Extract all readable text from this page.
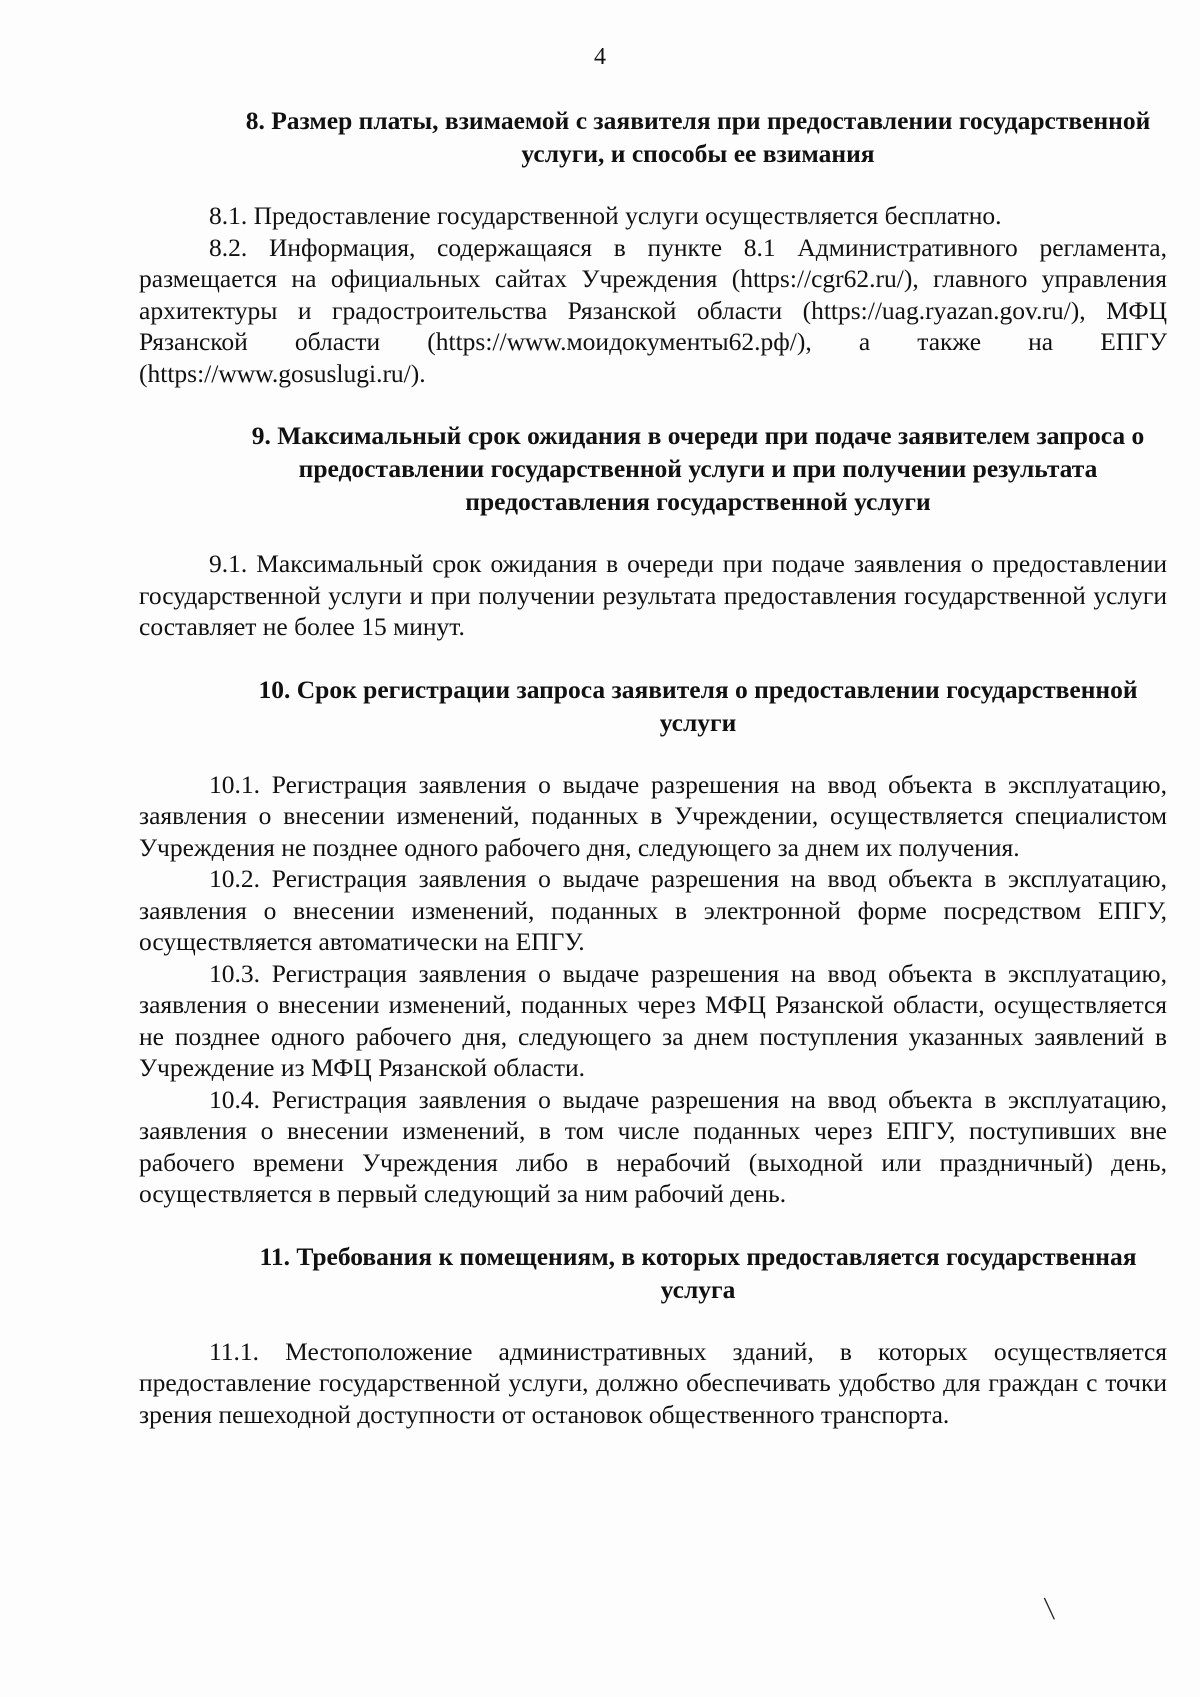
4

8. Размер платы, взимаемой с заявителя при предоставлении государственной услуги, и способы ее взимания

8.1. Предоставление государственной услуги осуществляется бесплатно.

8.2. Информация, содержащаяся в пункте 8.1 Административного регламента, размещается на официальных сайтах Учреждения (https://cgr62.ru/), главного управления архитектуры и градостроительства Рязанской области (https://uag.ryazan.gov.ru/), МФЦ Рязанской области (https://www.моидокументы62.рф/), а также на ЕПГУ (https://www.gosuslugi.ru/).

9. Максимальный срок ожидания в очереди при подаче заявителем запроса о предоставлении государственной услуги и при получении результата предоставления государственной услуги

9.1. Максимальный срок ожидания в очереди при подаче заявления о предоставлении государственной услуги и при получении результата предоставления государственной услуги составляет не более 15 минут.

10. Срок регистрации запроса заявителя о предоставлении государственной услуги

10.1. Регистрация заявления о выдаче разрешения на ввод объекта в эксплуатацию, заявления о внесении изменений, поданных в Учреждении, осуществляется специалистом Учреждения не позднее одного рабочего дня, следующего за днем их получения.

10.2. Регистрация заявления о выдаче разрешения на ввод объекта в эксплуатацию, заявления о внесении изменений, поданных в электронной форме посредством ЕПГУ, осуществляется автоматически на ЕПГУ.

10.3. Регистрация заявления о выдаче разрешения на ввод объекта в эксплуатацию, заявления о внесении изменений, поданных через МФЦ Рязанской области, осуществляется не позднее одного рабочего дня, следующего за днем поступления указанных заявлений в Учреждение из МФЦ Рязанской области.

10.4. Регистрация заявления о выдаче разрешения на ввод объекта в эксплуатацию, заявления о внесении изменений, в том числе поданных через ЕПГУ, поступивших вне рабочего времени Учреждения либо в нерабочий (выходной или праздничный) день, осуществляется в первый следующий за ним рабочий день.

11. Требования к помещениям, в которых предоставляется государственная услуга

11.1. Местоположение административных зданий, в которых осуществляется предоставление государственной услуги, должно обеспечивать удобство для граждан с точки зрения пешеходной доступности от остановок общественного транспорта.

|
